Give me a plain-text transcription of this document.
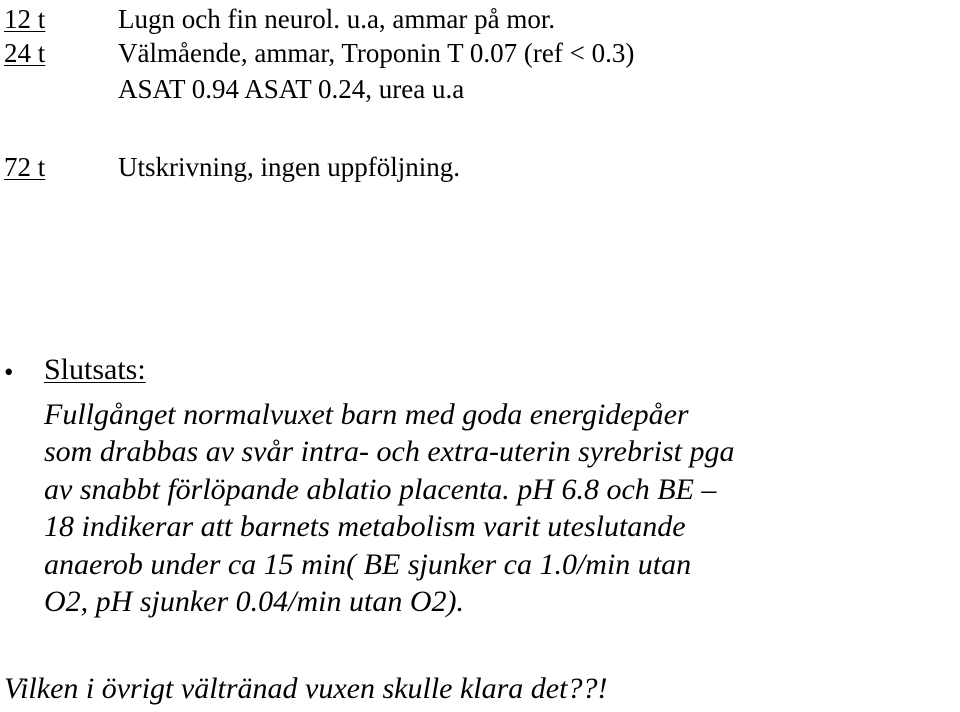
12 t	Lugn och fin neurol. u.a, ammar på mor.
24 t	Välmående, ammar, Troponin T 0.07 (ref < 0.3)
ASAT 0.94 ASAT 0.24, urea u.a
72 t	Utskrivning, ingen uppföljning.
• Slutsats:
Fullgånget normalvuxet barn med goda energidepåer
som drabbas av svår intra- och extra-uterin syrebrist pga
av snabbt förlöpande ablatio placenta. pH 6.8 och BE –
18 indikerar att barnets metabolism varit uteslutande
anaerob under ca 15 min( BE sjunker ca 1.0/min utan
O2, pH sjunker 0.04/min utan O2).
Vilken i övrigt vältränad vuxen skulle klara det??!
